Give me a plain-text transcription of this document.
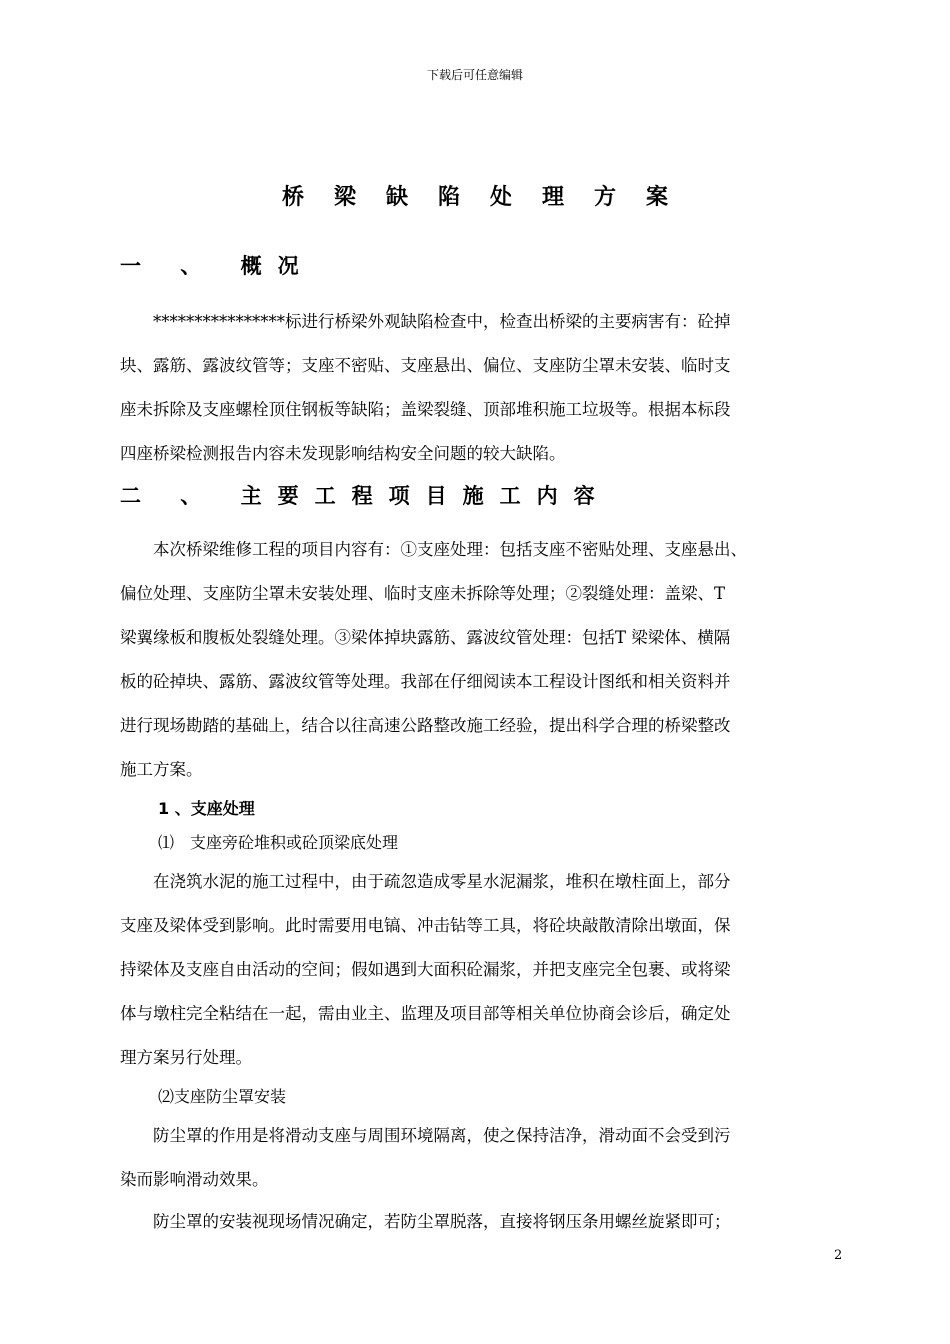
下载后可任意编辑
桥梁缺陷处理方案
一 、 概况
　　****************标进行桥梁外观缺陷检查中，检查出桥梁的主要病害有：砼掉
块、露筋、露波纹管等；支座不密贴、支座悬出、偏位、支座防尘罩未安装、临时支
座未拆除及支座螺栓顶住钢板等缺陷；盖梁裂缝、顶部堆积施工垃圾等。根据本标段
四座桥梁检测报告内容未发现影响结构安全问题的较大缺陷。
二 、 主要工程项目施工内容
　　本次桥梁维修工程的项目内容有：①支座处理：包括支座不密贴处理、支座悬出、
偏位处理、支座防尘罩未安装处理、临时支座未拆除等处理；②裂缝处理：盖梁、T
梁翼缘板和腹板处裂缝处理。③梁体掉块露筋、露波纹管处理：包括T 梁梁体、横隔
板的砼掉块、露筋、露波纹管等处理。我部在仔细阅读本工程设计图纸和相关资料并
进行现场勘踏的基础上，结合以往高速公路整改施工经验，提出科学合理的桥梁整改
施工方案。
1 、支座处理
⑴　支座旁砼堆积或砼顶梁底处理
　　在浇筑水泥的施工过程中，由于疏忽造成零星水泥漏浆，堆积在墩柱面上，部分
支座及梁体受到影响。此时需要用电镐、冲击钻等工具，将砼块敲散清除出墩面，保
持梁体及支座自由活动的空间；假如遇到大面积砼漏浆，并把支座完全包裹、或将梁
体与墩柱完全粘结在一起，需由业主、监理及项目部等相关单位协商会诊后，确定处
理方案另行处理。
⑵支座防尘罩安装
　　防尘罩的作用是将滑动支座与周围环境隔离，使之保持洁净，滑动面不会受到污
染而影响滑动效果。
　　防尘罩的安装视现场情况确定，若防尘罩脱落，直接将钢压条用螺丝旋紧即可；
2
